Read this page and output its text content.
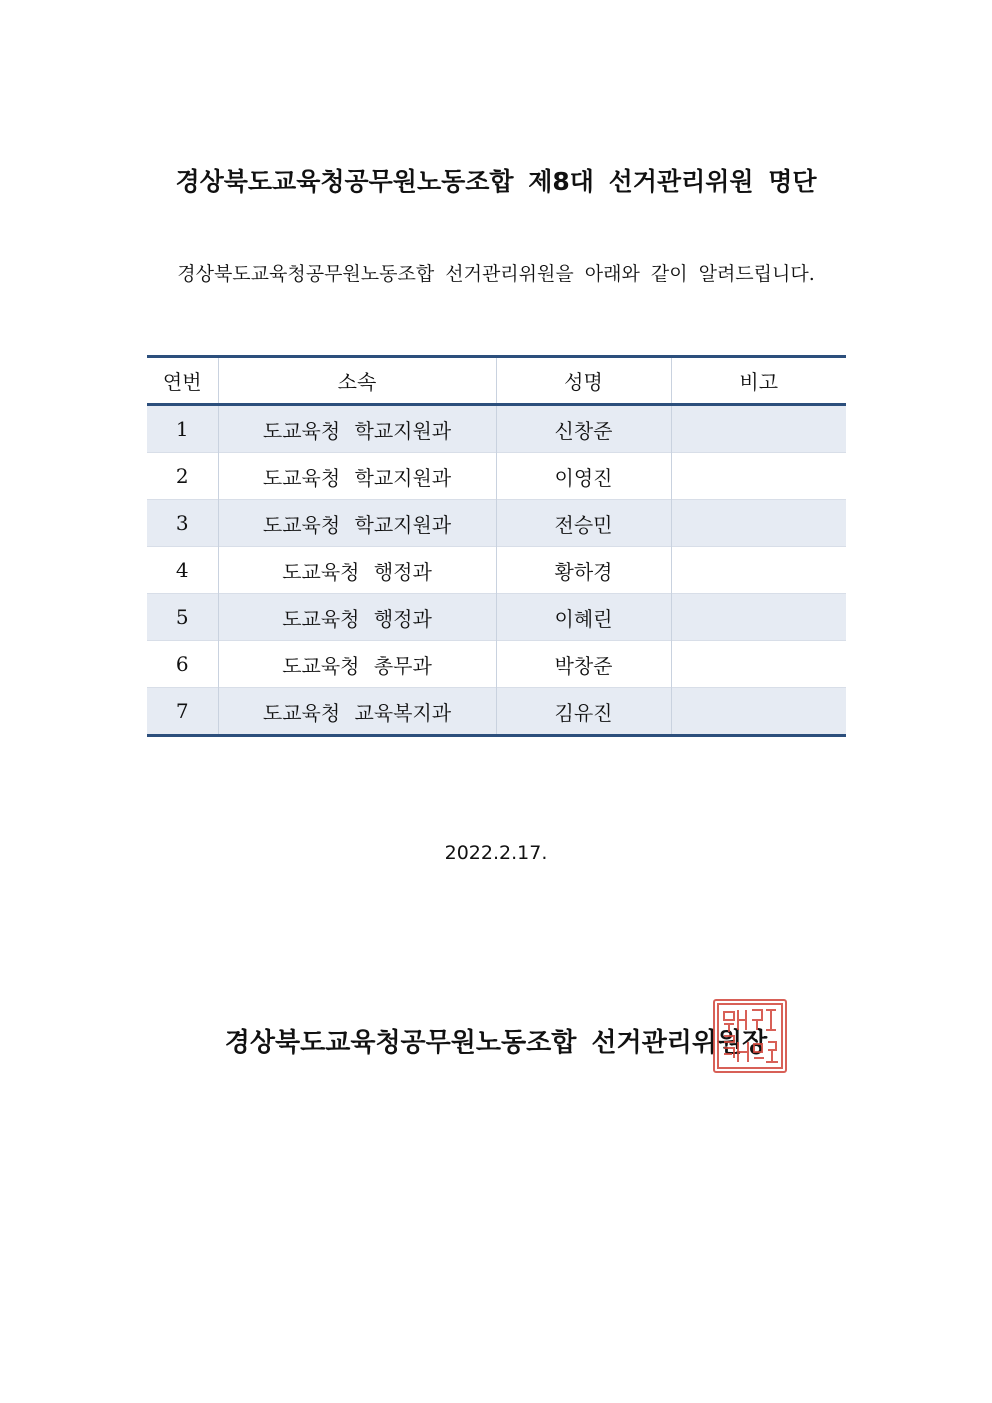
경상북도교육청공무원노동조합 제8대 선거관리위원 명단
경상북도교육청공무원노동조합 선거관리위원을 아래와 같이 알려드립니다.
연번	소속	성명	비고
1	도교육청 학교지원과	신창준	
2	도교육청 학교지원과	이영진	
3	도교육청 학교지원과	전승민	
4	도교육청 행정과	황하경	
5	도교육청 행정과	이혜린	
6	도교육청 총무과	박창준	
7	도교육청 교육복지과	김유진	
2022.2.17.
경상북도교육청공무원노동조합 선거관리위원장
